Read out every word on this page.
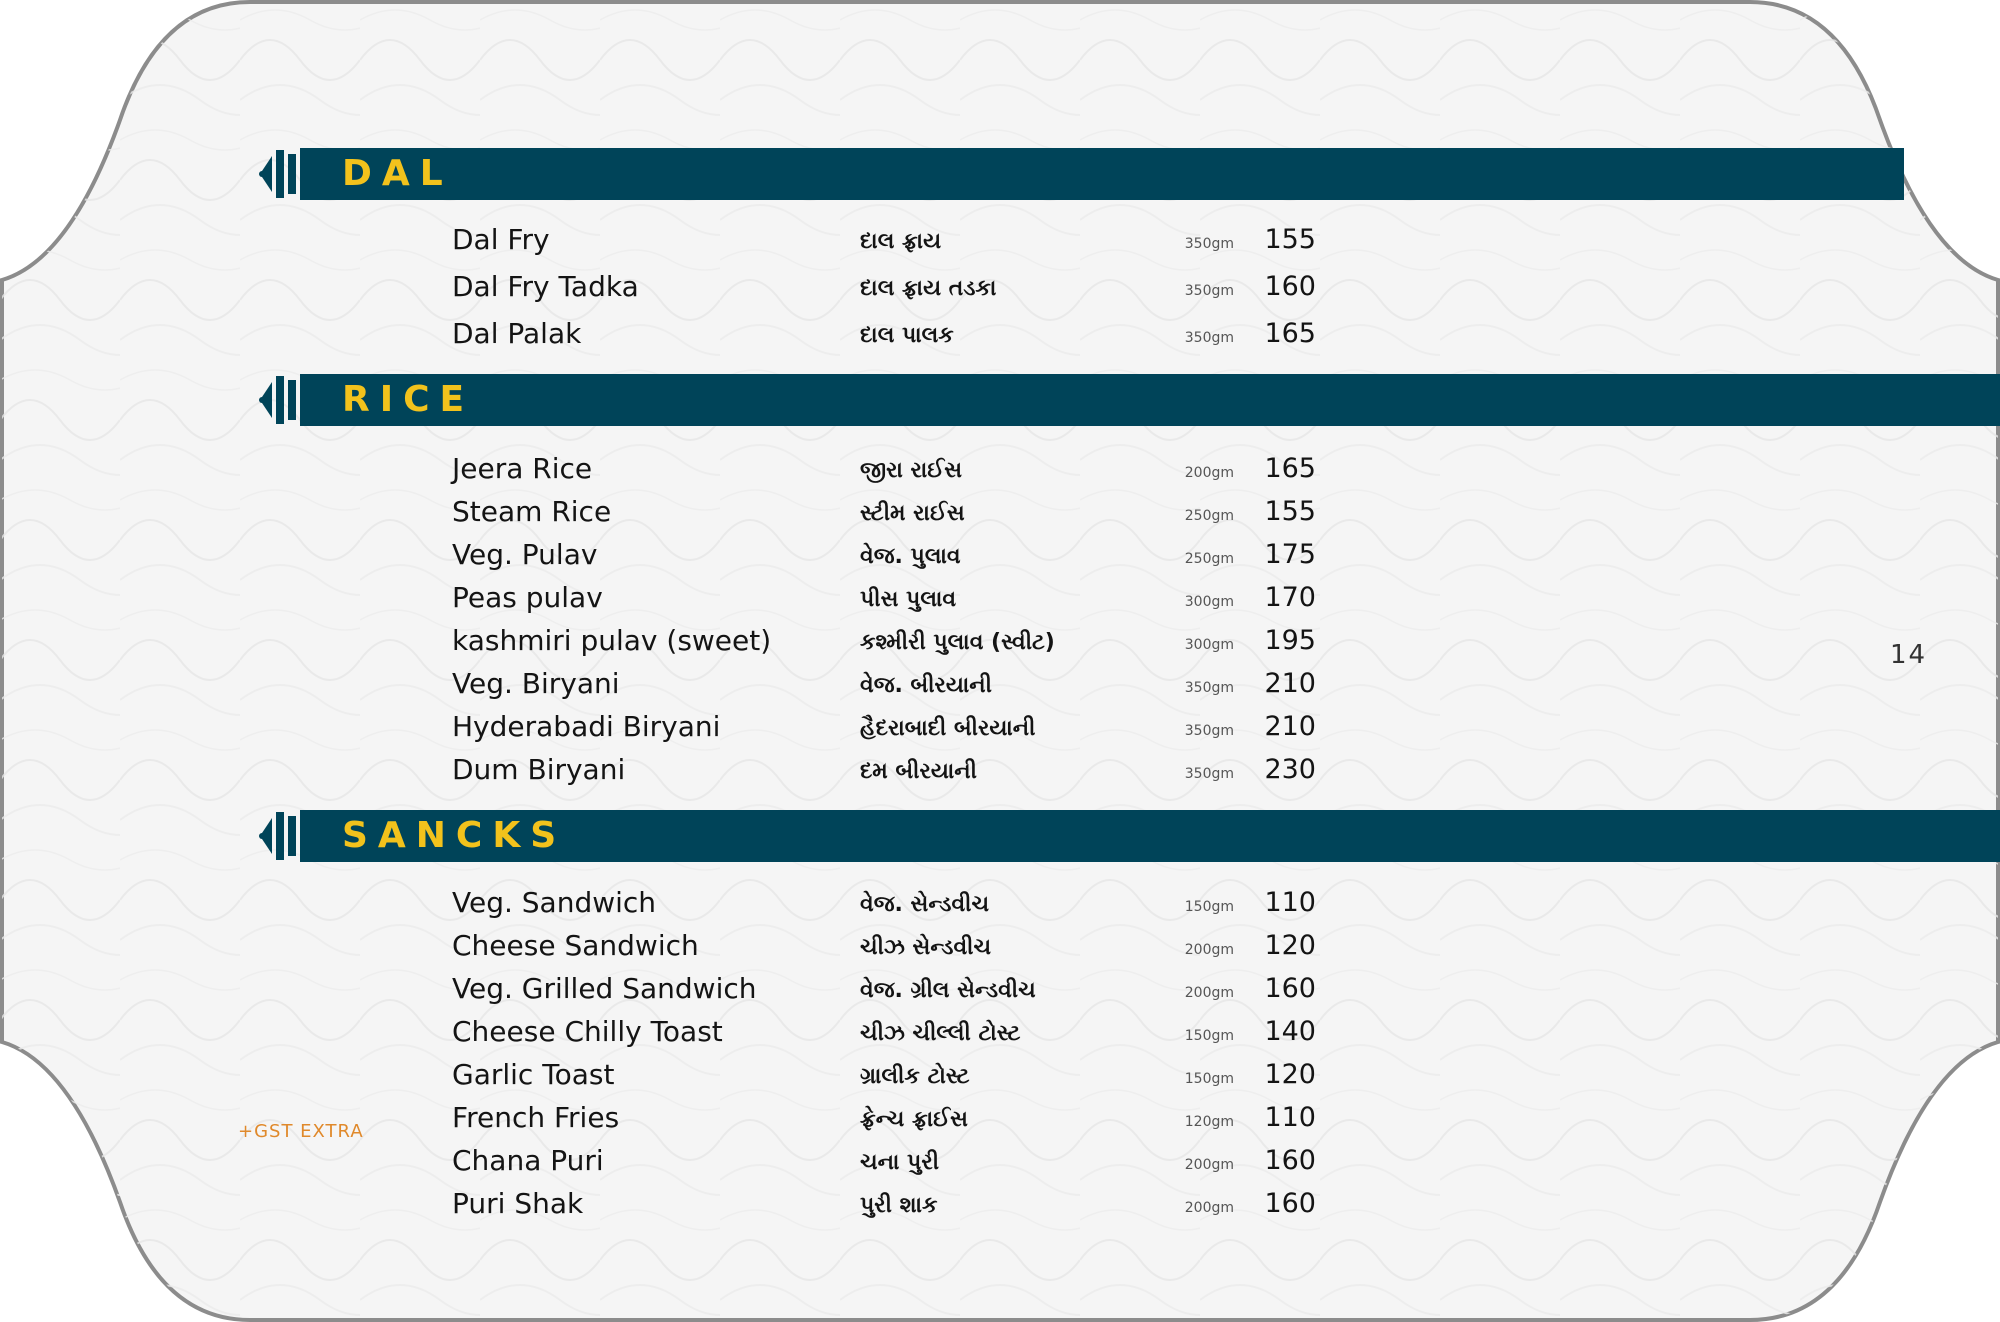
DAL
Dal Fry	દાલ ફ્રાય	350gm 155
Dal Fry Tadka	દાલ ફ્રાય તડકા	350gm 160
Dal Palak	દાલ પાલક	350gm 165
RICE
Jeera Rice	જીરા રાઈસ	200gm 165
Steam Rice	સ્ટીમ રાઈસ	250gm 155
Veg. Pulav	વેજ. પુલાવ	250gm 175
Peas pulav	પીસ પુલાવ	300gm 170
kashmiri pulav (sweet)	કશ્મીરી પુલાવ (સ્વીટ)	300gm 195
Veg. Biryani	વેજ. બીરયાની	350gm 210
Hyderabadi Biryani	હૈદરાબાદી બીરયાની	350gm 210
Dum Biryani	દમ બીરયાની	350gm 230
SANCKS
Veg. Sandwich	વેજ. સેન્ડવીચ	150gm 110
Cheese Sandwich	ચીઝ સેન્ડવીચ	200gm 120
Veg. Grilled Sandwich	વેજ. ગ્રીલ સેન્ડવીચ	200gm 160
Cheese Chilly Toast	ચીઝ ચીલ્લી ટોસ્ટ	150gm 140
Garlic Toast	ગ્રાલીક ટોસ્ટ	150gm 120
French Fries	ફ્રેન્ચ ફ્રાઈસ	120gm 110
Chana Puri	ચના પુરી	200gm 160
Puri Shak	પુરી શાક	200gm 160
14
+GST EXTRA
